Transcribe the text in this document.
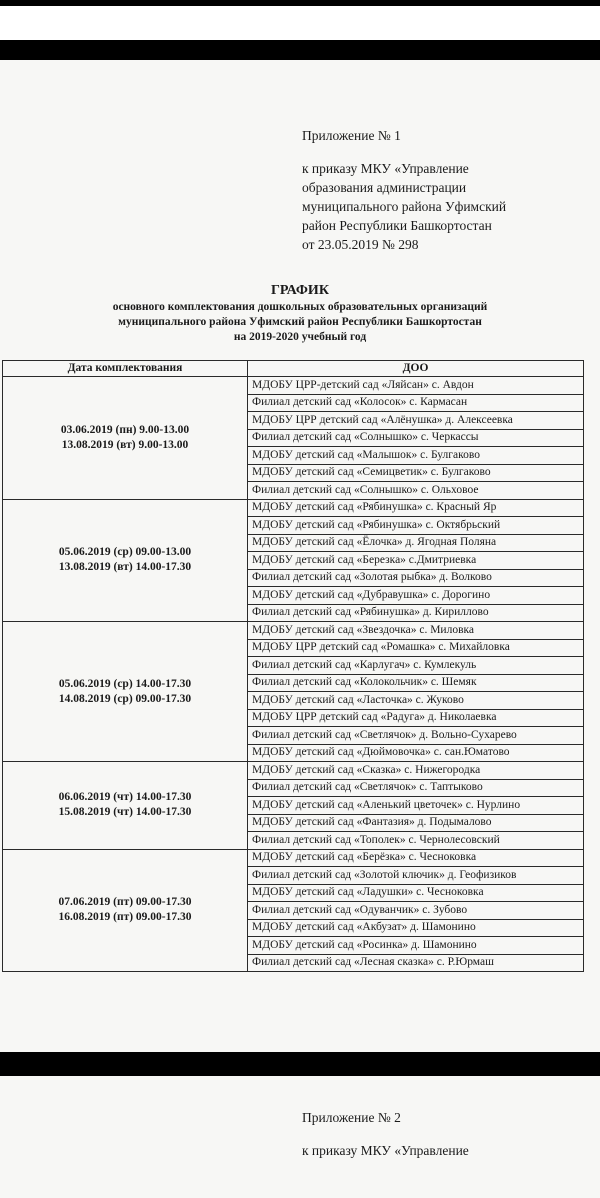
Приложение № 1
к приказу МКУ «Управление
образования администрации
муниципального района Уфимский
район Республики Башкортостан
от 23.05.2019 № 298
ГРАФИК
основного комплектования дошкольных образовательных организаций
муниципального района Уфимский район Республики Башкортостан
на 2019-2020 учебный год
Дата комплектования	ДОО

03.06.2019 (пн) 9.00-13.00
13.08.2019 (вт) 9.00-13.00	МДОБУ ЦРР-детский сад «Ляйсан» с. Авдон
	Филиал детский сад «Колосок» с. Кармасан
	МДОБУ ЦРР детский сад «Алёнушка» д. Алексеевка
	Филиал детский сад «Солнышко» с. Черкассы
	МДОБУ детский сад «Малышок» с. Булгаково
	МДОБУ детский сад «Семицветик» с. Булгаково
	Филиал детский сад «Солнышко» с. Ольховое

05.06.2019 (ср) 09.00-13.00
13.08.2019 (вт) 14.00-17.30	МДОБУ детский сад «Рябинушка» с. Красный Яр
	МДОБУ детский сад «Рябинушка» с. Октябрьский
	МДОБУ детский сад «Ёлочка» д. Ягодная Поляна
	МДОБУ детский сад «Березка» с.Дмитриевка
	Филиал детский сад «Золотая рыбка» д. Волково
	МДОБУ детский сад «Дубравушка» с. Дорогино
	Филиал детский сад «Рябинушка» д. Кириллово

05.06.2019 (ср) 14.00-17.30
14.08.2019 (ср) 09.00-17.30	МДОБУ детский сад «Звездочка» с. Миловка
	МДОБУ ЦРР детский сад «Ромашка» с. Михайловка
	Филиал детский сад «Карлугач» с. Кумлекуль
	Филиал детский сад «Колокольчик» с. Шемяк
	МДОБУ детский сад «Ласточка» с. Жуково
	МДОБУ ЦРР детский сад «Радуга» д. Николаевка
	Филиал детский сад «Светлячок» д. Вольно-Сухарево
	МДОБУ детский сад «Дюймовочка» с. сан.Юматово

06.06.2019 (чт) 14.00-17.30
15.08.2019 (чт) 14.00-17.30	МДОБУ детский сад «Сказка» с. Нижегородка
	Филиал детский сад «Светлячок» с. Таптыково
	МДОБУ детский сад «Аленький цветочек» с. Нурлино
	МДОБУ детский сад «Фантазия» д. Подымалово
	Филиал детский сад «Тополек» с. Чернолесовский

07.06.2019 (пт) 09.00-17.30
16.08.2019 (пт) 09.00-17.30	МДОБУ детский сад «Берёзка» с. Чесноковка
	Филиал детский сад «Золотой ключик» д. Геофизиков
	МДОБУ детский сад «Ладушки» с. Чесноковка
	Филиал детский сад «Одуванчик» с. Зубово
	МДОБУ детский сад «Акбузат» д. Шамонино
	МДОБУ детский сад «Росинка» д. Шамонино
	Филиал детский сад «Лесная сказка» с. Р.Юрмаш
Приложение № 2
к приказу МКУ «Управление
